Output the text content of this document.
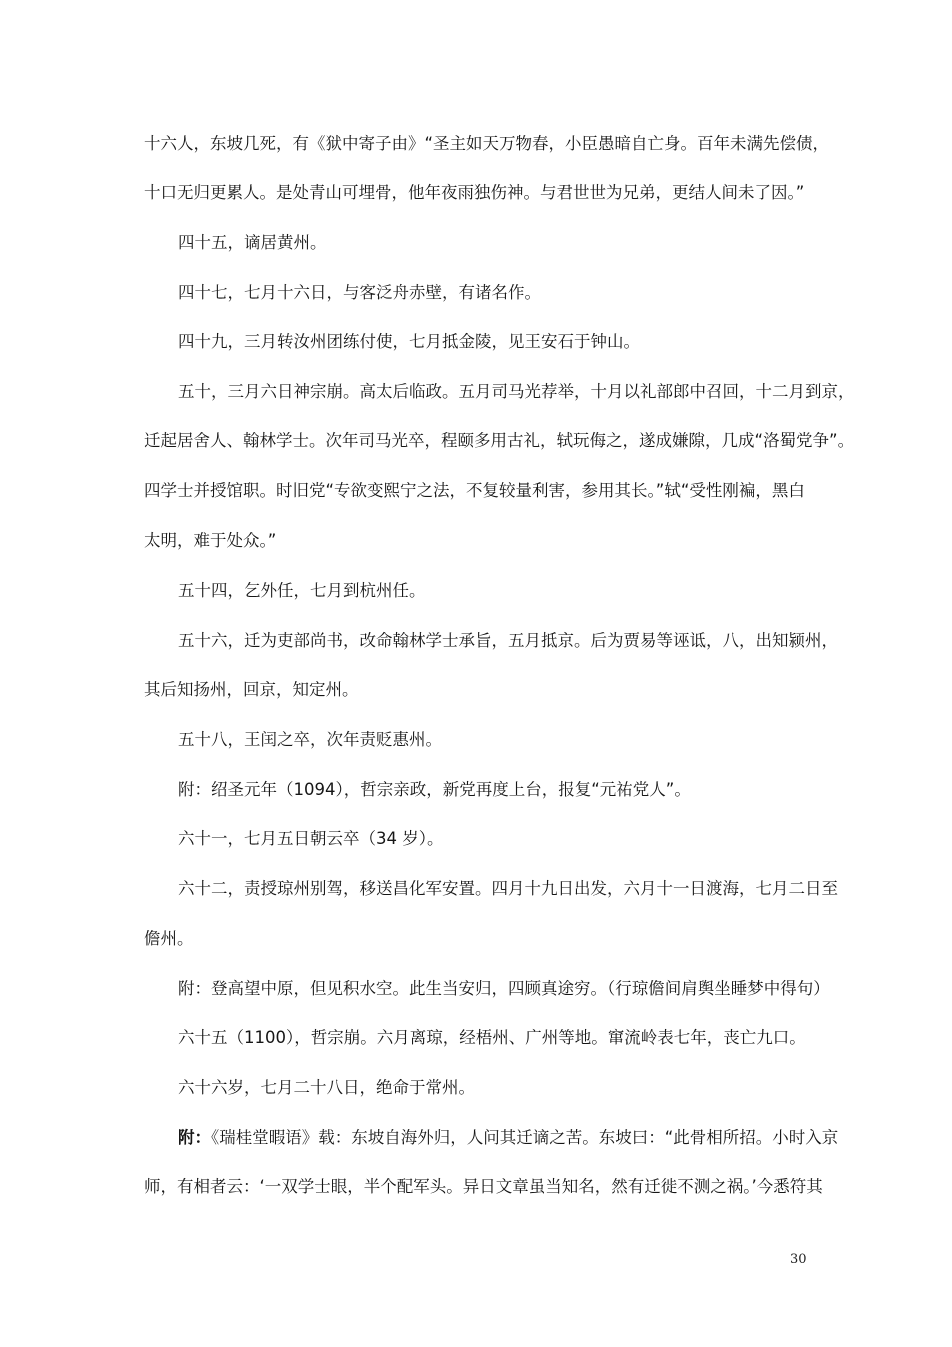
十六人，东坡几死，有《狱中寄子由》“圣主如天万物春，小臣愚暗自亡身。百年未满先偿债，
十口无归更累人。是处青山可埋骨，他年夜雨独伤神。与君世世为兄弟，更结人间未了因。”
四十五，谪居黄州。
四十七，七月十六日，与客泛舟赤壁，有诸名作。
四十九，三月转汝州团练付使，七月抵金陵，见王安石于钟山。
五十，三月六日神宗崩。高太后临政。五月司马光荐举，十月以礼部郎中召回，十二月到京，
迁起居舍人、翰林学士。次年司马光卒，程颐多用古礼，轼玩侮之，遂成嫌隙，几成“洛蜀党争”。
四学士并授馆职。时旧党“专欲变熙宁之法，不复较量利害，参用其长。”轼“受性刚褊，黑白
太明，难于处众。”
五十四，乞外任，七月到杭州任。
五十六，迁为吏部尚书，改命翰林学士承旨，五月抵京。后为贾易等诬诋，八，出知颍州，
其后知扬州，回京，知定州。
五十八，王闰之卒，次年责贬惠州。
附：绍圣元年（1094），哲宗亲政，新党再度上台，报复“元祐党人”。
六十一，七月五日朝云卒（34 岁）。
六十二，责授琼州别驾，移送昌化军安置。四月十九日出发，六月十一日渡海，七月二日至
儋州。
附：登高望中原，但见积水空。此生当安归，四顾真途穷。（行琼儋间肩舆坐睡梦中得句）
六十五（1100），哲宗崩。六月离琼，经梧州、广州等地。窜流岭表七年，丧亡九口。
六十六岁，七月二十八日，绝命于常州。
附：《瑞桂堂暇语》载：东坡自海外归，人问其迁谪之苦。东坡曰：“此骨相所招。小时入京
师，有相者云：‘一双学士眼，半个配军头。异日文章虽当知名，然有迁徙不测之祸。’今悉符其
30
